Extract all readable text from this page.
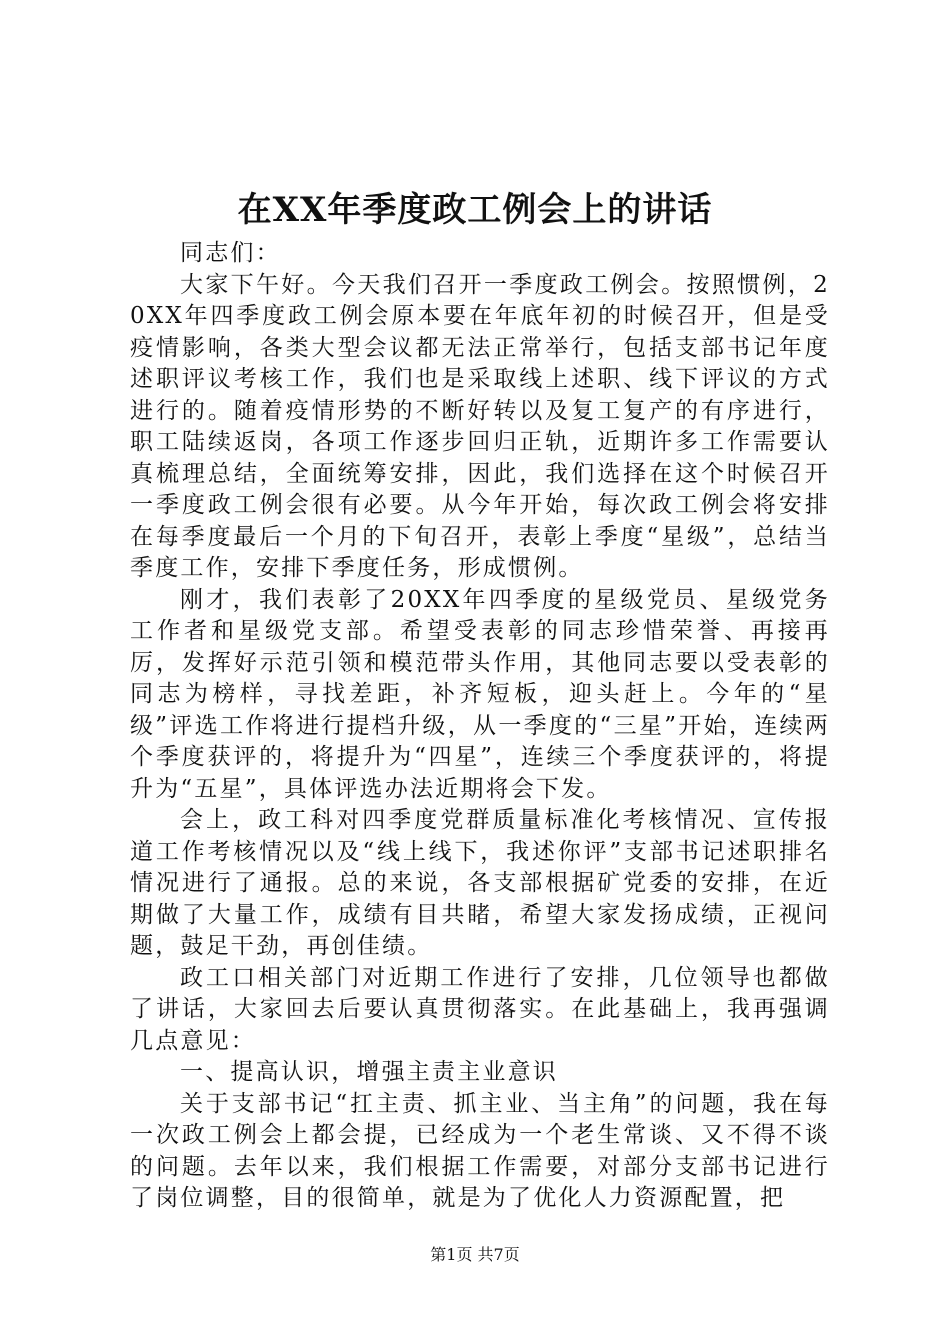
在XX年季度政工例会上的讲话

同志们：

大家下午好。今天我们召开一季度政工例会。按照惯例，20XX年四季度政工例会原本要在年底年初的时候召开，但是受疫情影响，各类大型会议都无法正常举行，包括支部书记年度述职评议考核工作，我们也是采取线上述职、线下评议的方式进行的。随着疫情形势的不断好转以及复工复产的有序进行，职工陆续返岗，各项工作逐步回归正轨，近期许多工作需要认真梳理总结，全面统筹安排，因此，我们选择在这个时候召开一季度政工例会很有必要。从今年开始，每次政工例会将安排在每季度最后一个月的下旬召开，表彰上季度“星级”，总结当季度工作，安排下季度任务，形成惯例。

刚才，我们表彰了20XX年四季度的星级党员、星级党务工作者和星级党支部。希望受表彰的同志珍惜荣誉、再接再厉，发挥好示范引领和模范带头作用，其他同志要以受表彰的同志为榜样，寻找差距，补齐短板，迎头赶上。今年的“星级”评选工作将进行提档升级，从一季度的“三星”开始，连续两个季度获评的，将提升为“四星”，连续三个季度获评的，将提升为“五星”，具体评选办法近期将会下发。

会上，政工科对四季度党群质量标准化考核情况、宣传报道工作考核情况以及“线上线下，我述你评”支部书记述职排名情况进行了通报。总的来说，各支部根据矿党委的安排，在近期做了大量工作，成绩有目共睹，希望大家发扬成绩，正视问题，鼓足干劲，再创佳绩。

政工口相关部门对近期工作进行了安排，几位领导也都做了讲话，大家回去后要认真贯彻落实。在此基础上，我再强调几点意见：

一、提高认识，增强主责主业意识

关于支部书记“扛主责、抓主业、当主角”的问题，我在每一次政工例会上都会提，已经成为一个老生常谈、又不得不谈的问题。去年以来，我们根据工作需要，对部分支部书记进行了岗位调整，目的很简单，就是为了优化人力资源配置，把

第1页 共7页
